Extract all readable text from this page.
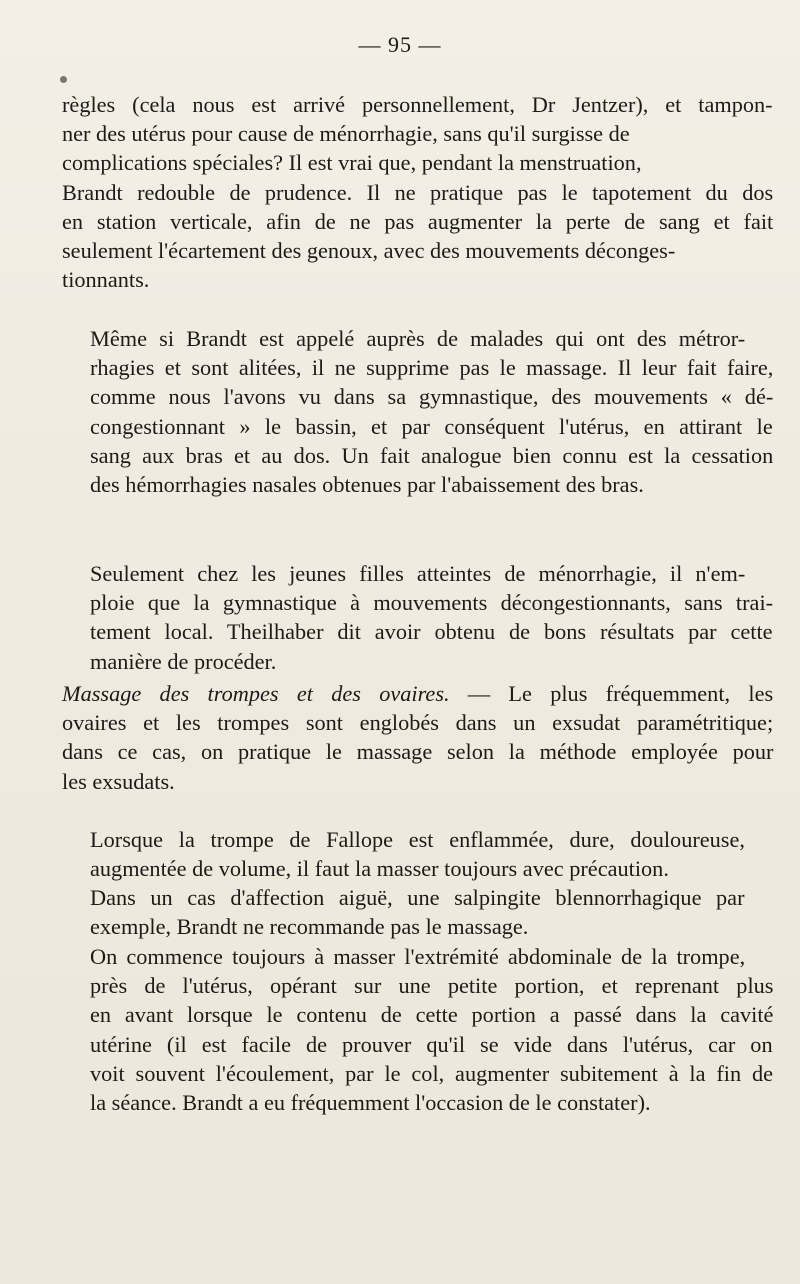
— 95 —
règles (cela nous est arrivé personnellement, Dr Jentzer), et tampon-
ner des utérus pour cause de ménorrhagie, sans qu'il surgisse de
complications spéciales? Il est vrai que, pendant la menstruation,
Brandt redouble de prudence. Il ne pratique pas le tapotement du dos
en station verticale, afin de ne pas augmenter la perte de sang et fait
seulement l'écartement des genoux, avec des mouvements déconges-
tionnants.
Même si Brandt est appelé auprès de malades qui ont des métror-
rhagies et sont alitées, il ne supprime pas le massage. Il leur fait faire,
comme nous l'avons vu dans sa gymnastique, des mouvements « dé-
congestionnant » le bassin, et par conséquent l'utérus, en attirant le
sang aux bras et au dos. Un fait analogue bien connu est la cessation
des hémorrhagies nasales obtenues par l'abaissement des bras.
Seulement chez les jeunes filles atteintes de ménorrhagie, il n'em-
ploie que la gymnastique à mouvements décongestionnants, sans trai-
tement local. Theilhaber dit avoir obtenu de bons résultats par cette
manière de procéder.
Massage des trompes et des ovaires. — Le plus fréquemment, les
ovaires et les trompes sont englobés dans un exsudat paramétritique;
dans ce cas, on pratique le massage selon la méthode employée pour
les exsudats.
Lorsque la trompe de Fallope est enflammée, dure, douloureuse,
augmentée de volume, il faut la masser toujours avec précaution.
Dans un cas d'affection aiguë, une salpingite blennorrhagique par
exemple, Brandt ne recommande pas le massage.
On commence toujours à masser l'extrémité abdominale de la trompe,
près de l'utérus, opérant sur une petite portion, et reprenant plus
en avant lorsque le contenu de cette portion a passé dans la cavité
utérine (il est facile de prouver qu'il se vide dans l'utérus, car on
voit souvent l'écoulement, par le col, augmenter subitement à la fin de
la séance. Brandt a eu fréquemment l'occasion de le constater).
